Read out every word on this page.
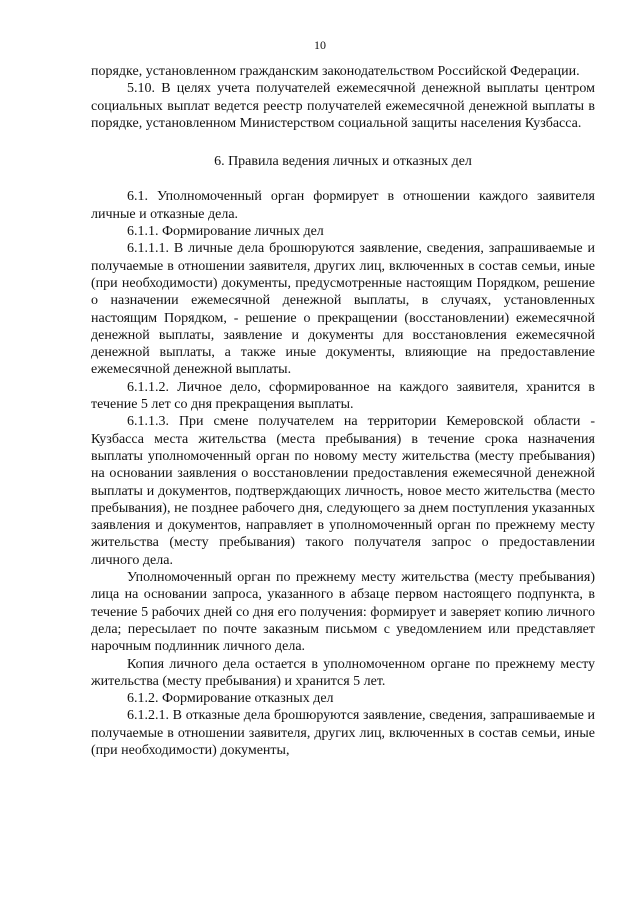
10

порядке, установленном гражданским законодательством Российской Федерации.

5.10. В целях учета получателей ежемесячной денежной выплаты центром социальных выплат ведется реестр получателей ежемесячной денежной выплаты в порядке, установленном Министерством социальной защиты населения Кузбасса.

6. Правила ведения личных и отказных дел

6.1. Уполномоченный орган формирует в отношении каждого заявителя личные и отказные дела.

6.1.1. Формирование личных дел

6.1.1.1. В личные дела брошюруются заявление, сведения, запрашиваемые и получаемые в отношении заявителя, других лиц, включенных в состав семьи, иные (при необходимости) документы, предусмотренные настоящим Порядком, решение о назначении ежемесячной денежной выплаты, в случаях, установленных настоящим Порядком, - решение о прекращении (восстановлении) ежемесячной денежной выплаты, заявление и документы для восстановления ежемесячной денежной выплаты, а также иные документы, влияющие на предоставление ежемесячной денежной выплаты.

6.1.1.2. Личное дело, сформированное на каждого заявителя, хранится в течение 5 лет со дня прекращения выплаты.

6.1.1.3. При смене получателем на территории Кемеровской области - Кузбасса места жительства (места пребывания) в течение срока назначения выплаты уполномоченный орган по новому месту жительства (месту пребывания) на основании заявления о восстановлении предоставления ежемесячной денежной выплаты и документов, подтверждающих личность, новое место жительства (место пребывания), не позднее рабочего дня, следующего за днем поступления указанных заявления и документов, направляет в уполномоченный орган по прежнему месту жительства (месту пребывания) такого получателя запрос о предоставлении личного дела.

Уполномоченный орган по прежнему месту жительства (месту пребывания) лица на основании запроса, указанного в абзаце первом настоящего подпункта, в течение 5 рабочих дней со дня его получения: формирует и заверяет копию личного дела; пересылает по почте заказным письмом с уведомлением или представляет нарочным подлинник личного дела.

Копия личного дела остается в уполномоченном органе по прежнему месту жительства (месту пребывания) и хранится 5 лет.

6.1.2. Формирование отказных дел

6.1.2.1. В отказные дела брошюруются заявление, сведения, запрашиваемые и получаемые в отношении заявителя, других лиц, включенных в состав семьи, иные (при необходимости) документы,
